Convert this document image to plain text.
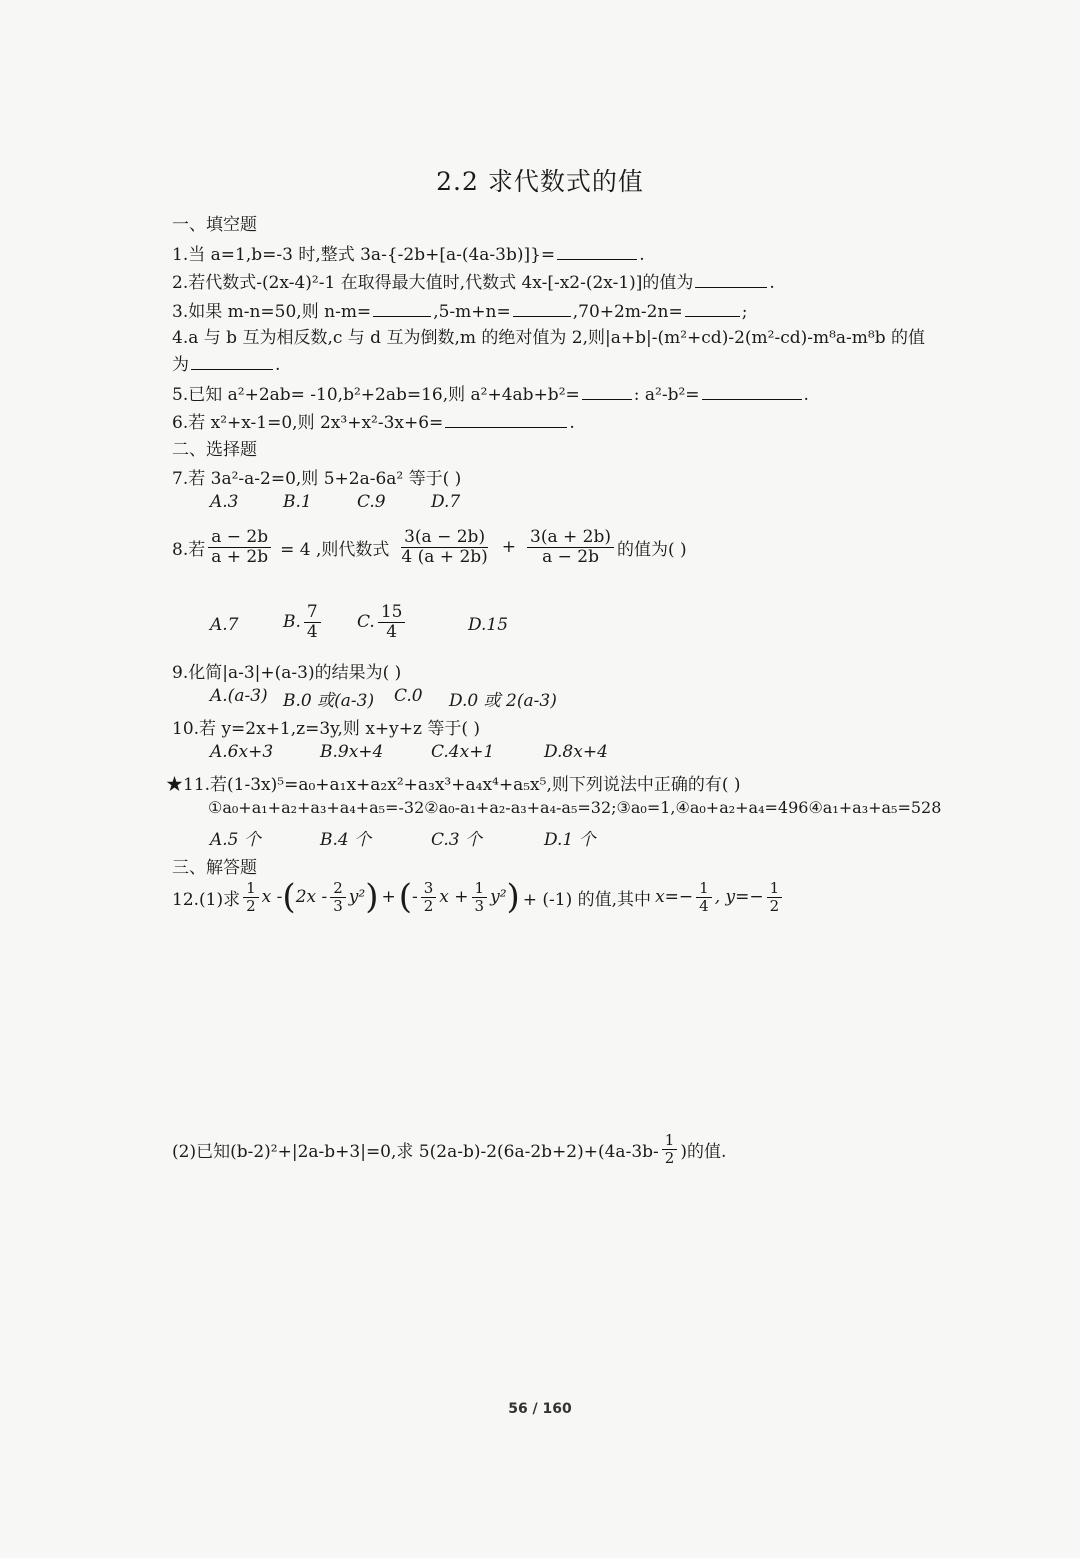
2.2 求代数式的值
一、填空题
1.当 a=1,b=-3 时,整式 3a-{-2b+[a-(4a-3b)]}=	.
2.若代数式-(2x-4)²-1 在取得最大值时,代数式 4x-[-x2-(2x-1)]的值为	.
3.如果 m-n=50,则 n-m=	,5-m+n=	,70+2m-2n=	;
4.a 与 b 互为相反数,c 与 d 互为倒数,m 的绝对值为 2,则|a+b|-(m²+cd)-2(m²-cd)-m⁸a-m⁸b 的值
为	.
5.已知 a²+2ab= -10,b²+2ab=16,则 a²+4ab+b²=	: a²-b²=	.
6.若 x²+x-1=0,则 2x³+x²-3x+6=	.
二、选择题
7.若 3a²-a-2=0,则 5+2a-6a² 等于( )
A.3	B.1	C.9	D.7
8.若 $\frac{a - 2b}{a + 2b} = 4$ ,则代数式 $\frac{3(a - 2b)}{4 (a + 2b)} + \frac{3(a + 2b)}{a - 2b}$ 的值为( )
A.7	B. $\frac{7}{4} C$. $\frac{15}{4}$	D.15
9.化简|a-3|+(a-3)的结果为( )
A.(a-3) B.0 或(a-3) C.0 D.0 或 2(a-3)
10.若 y=2x+1,z=3y,则 x+y+z 等于( )
A.6x+3	B.9x+4	C.4x+1	D.8x+4
★11.若(1-3x)⁵=a₀+a₁x+a₂x²+a₃x³+a₄x⁴+a₅x⁵,则下列说法中正确的有( )
①a₀+a₁+a₂+a₃+a₄+a₅=-32②a₀-a₁+a₂-a₃+a₄-a₅=32;③a₀=1,④a₀+a₂+a₄=496④a₁+a₃+a₅=528
A.5 个	B.4 个	C.3 个	D.1 个
三、解答题
12.(1)求 $\frac{1}{2}$ x - ( $2x - \frac{2}{3} y^2$ ) + ( - $\frac{3}{2}$ $x + \frac{1}{3} y^2$ ) + (-1) 的值,其中 $x=- \frac{1}{4}$ , $y=- \frac{1}{2}$
(2)已知(b-2)²+|2a-b+3|=0,求 $5(2a-b)-2(6a-2b+2)+(4a-3b- \frac{1}{2}$ )的值.
56 / 160
